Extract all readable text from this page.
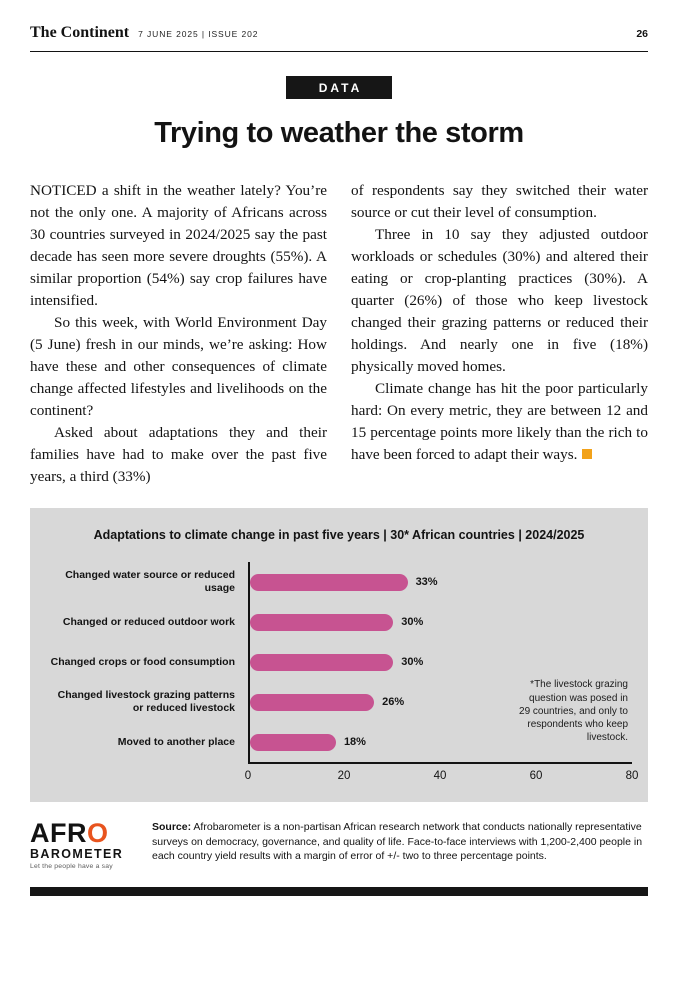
The Continent 7 JUNE 2025 | ISSUE 202	26
DATA
Trying to weather the storm

NOTICED a shift in the weather lately? You’re not the only one. A majority of Africans across 30 countries surveyed in 2024/2025 say the past decade has seen more severe droughts (55%). A similar proportion (54%) say crop failures have intensified.

So this week, with World Environment Day (5 June) fresh in our minds, we’re asking: How have these and other consequences of climate change affected lifestyles and livelihoods on the continent?

Asked about adaptations they and their families have had to make over the past five years, a third (33%)

of respondents say they switched their water source or cut their level of consumption.

Three in 10 say they adjusted outdoor workloads or schedules (30%) and altered their eating or crop-planting practices (30%). A quarter (26%) of those who keep livestock changed their grazing patterns or reduced their holdings. And nearly one in five (18%) physically moved homes.

Climate change has hit the poor particularly hard: On every metric, they are between 12 and 15 percentage points more likely than the rich to have been forced to adapt their ways.

Adaptations to climate change in past five years | 30* African countries | 2024/2025
Changed water source or reduced usage
Changed or reduced outdoor work
Changed crops or food consumption
Changed livestock grazing patterns or reduced livestock
Moved to another place
33%
30%
30%
26%
18%
*The livestock grazing question was posed in 29 countries, and only to respondents who keep livestock.
0	20	40	60	80
AFRO
BAROMETER
Let the people have a say
Source: Afrobarometer is a non-partisan African research network that conducts nationally representative surveys on democracy, governance, and quality of life. Face-to-face interviews with 1,200-2,400 people in each country yield results with a margin of error of +/- two to three percentage points.
